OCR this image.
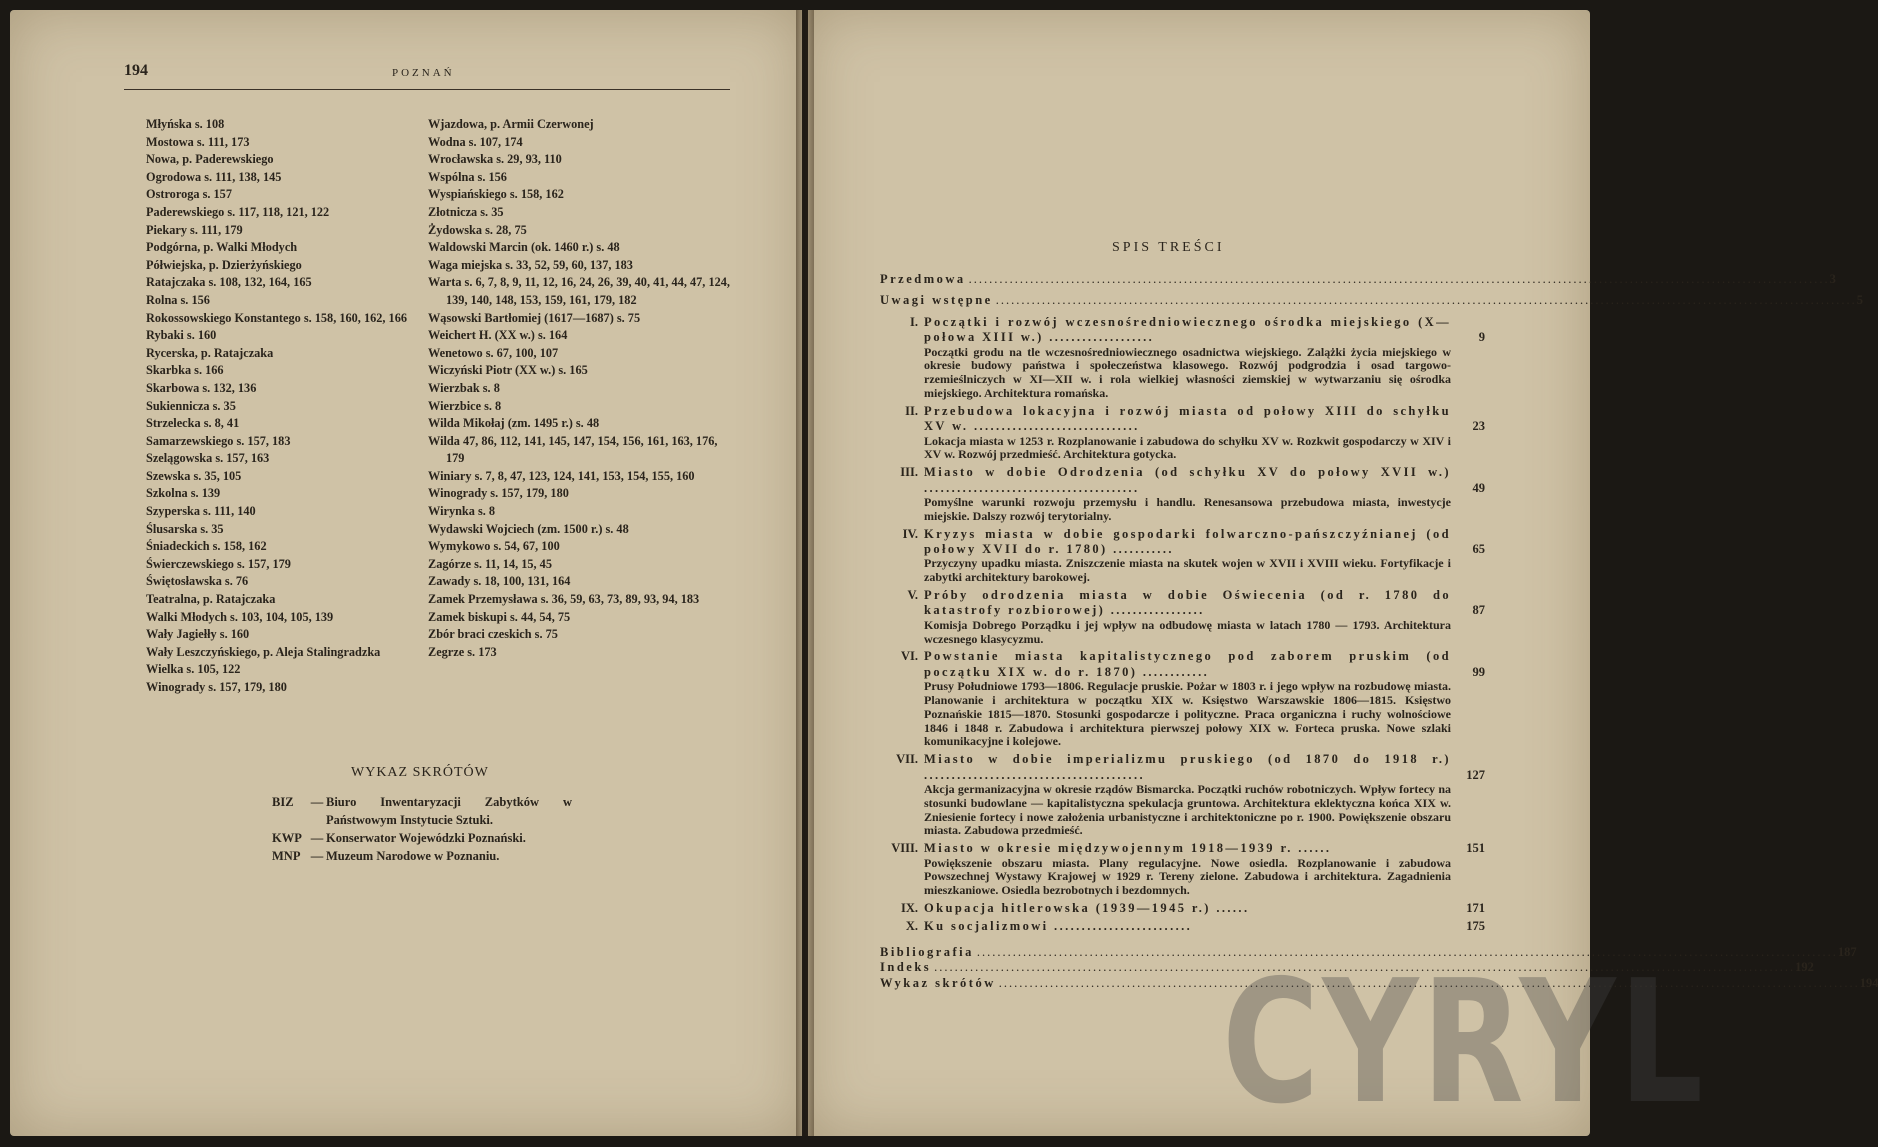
194	POZNAŃ
Młyńska s. 108
Mostowa s. 111, 173
Nowa, p. Paderewskiego
Ogrodowa s. 111, 138, 145
Ostroroga s. 157
Paderewskiego s. 117, 118, 121, 122
Piekary s. 111, 179
Podgórna, p. Walki Młodych
Półwiejska, p. Dzierżyńskiego
Ratajczaka s. 108, 132, 164, 165
Rolna s. 156
Rokossowskiego Konstantego s. 158, 160, 162, 166
Rybaki s. 160
Rycerska, p. Ratajczaka
Skarbka s. 166
Skarbowa s. 132, 136
Sukiennicza s. 35
Strzelecka s. 8, 41
Samarzewskiego s. 157, 183
Szelągowska s. 157, 163
Szewska s. 35, 105
Szkolna s. 139
Szyperska s. 111, 140
Ślusarska s. 35
Śniadeckich s. 158, 162
Świerczewskiego s. 157, 179
Świętosławska s. 76
Teatralna, p. Ratajczaka
Walki Młodych s. 103, 104, 105, 139
Wały Jagiełły s. 160
Wały Leszczyńskiego, p. Aleja Stalingradzka
Wielka s. 105, 122
Winogrady s. 157, 179, 180
Wjazdowa, p. Armii Czerwonej
Wodna s. 107, 174
Wrocławska s. 29, 93, 110
Wspólna s. 156
Wyspiańskiego s. 158, 162
Złotnicza s. 35
Żydowska s. 28, 75
Waldowski Marcin (ok. 1460 r.) s. 48
Waga miejska s. 33, 52, 59, 60, 137, 183
Warta s. 6, 7, 8, 9, 11, 12, 16, 24, 26, 39, 40, 41, 44, 47, 124, 139, 140, 148, 153, 159, 161, 179, 182
Wąsowski Bartłomiej (1617—1687) s. 75
Weichert H. (XX w.) s. 164
Wenetowo s. 67, 100, 107
Wiczyński Piotr (XX w.) s. 165
Wierzbak s. 8
Wierzbice s. 8
Wilda Mikołaj (zm. 1495 r.) s. 48
Wilda 47, 86, 112, 141, 145, 147, 154, 156, 161, 163, 176, 179
Winiary s. 7, 8, 47, 123, 124, 141, 153, 154, 155, 160
Winogrady s. 157, 179, 180
Wirynka s. 8
Wydawski Wojciech (zm. 1500 r.) s. 48
Wymykowo s. 54, 67, 100
Zagórze s. 11, 14, 15, 45
Zawady s. 18, 100, 131, 164
Zamek Przemysława s. 36, 59, 63, 73, 89, 93, 94, 183
Zamek biskupi s. 44, 54, 75
Zbór braci czeskich s. 75
Zegrze s. 173
WYKAZ SKRÓTÓW
BIZ	— Biuro Inwentaryzacji Zabytków w Państwowym Instytucie Sztuki.
KWP — Konserwator Wojewódzki Poznański.
MNP — Muzeum Narodowe w Poznaniu.
SPIS TREŚCI
Przedmowa .....	3
Uwagi wstępne .....	5
I. Początki i rozwój wczesnośredniowiecznego ośrodka miejskiego (X—połowa XIII w.) ...................	9
Początki grodu na tle wczesnośredniowiecznego osadnictwa wiejskiego. Zalążki życia miejskiego w okresie budowy państwa i społeczeństwa klasowego. Rozwój podgrodzia i osad targowo-rzemieślniczych w XI—XII w. i rola wielkiej własności ziemskiej w wytwarzaniu się ośrodka miejskiego. Architektura romańska.
II. Przebudowa lokacyjna i rozwój miasta od połowy XIII do schyłku XV w. ..............................	23
Lokacja miasta w 1253 r. Rozplanowanie i zabudowa do schyłku XV w. Rozkwit gospodarczy w XIV i XV w. Rozwój przedmieść. Architektura gotycka.
III. Miasto w dobie Odrodzenia (od schyłku XV do połowy XVII w.) .......................................	49
Pomyślne warunki rozwoju przemysłu i handlu. Renesansowa przebudowa miasta, inwestycje miejskie. Dalszy rozwój terytorialny.
IV. Kryzys miasta w dobie gospodarki folwarczno-pańszczyźnianej (od połowy XVII do r. 1780) ...........	65
Przyczyny upadku miasta. Zniszczenie miasta na skutek wojen w XVII i XVIII wieku. Fortyfikacje i zabytki architektury barokowej.
V. Próby odrodzenia miasta w dobie Oświecenia (od r. 1780 do katastrofy rozbiorowej) .................	87
Komisja Dobrego Porządku i jej wpływ na odbudowę miasta w latach 1780 — 1793. Architektura wczesnego klasycyzmu.
VI. Powstanie miasta kapitalistycznego pod zaborem pruskim (od początku XIX w. do r. 1870) ............	99
Prusy Południowe 1793—1806. Regulacje pruskie. Pożar w 1803 r. i jego wpływ na rozbudowę miasta. Planowanie i architektura w początku XIX w. Księstwo Warszawskie 1806—1815. Księstwo Poznańskie 1815—1870. Stosunki gospodarcze i polityczne. Praca organiczna i ruchy wolnościowe 1846 i 1848 r. Zabudowa i architektura pierwszej połowy XIX w. Forteca pruska. Nowe szlaki komunikacyjne i kolejowe.
VII. Miasto w dobie imperializmu pruskiego (od 1870 do 1918 r.) ........................................	127
Akcja germanizacyjna w okresie rządów Bismarcka. Początki ruchów robotniczych. Wpływ fortecy na stosunki budowlane — kapitalistyczna spekulacja gruntowa. Architektura eklektyczna końca XIX w. Zniesienie fortecy i nowe założenia urbanistyczne i architektoniczne po r. 1900. Powiększenie obszaru miasta. Zabudowa przedmieść.
VIII. Miasto w okresie międzywojennym 1918—1939 r. ......	151
Powiększenie obszaru miasta. Plany regulacyjne. Nowe osiedla. Rozplanowanie i zabudowa Powszechnej Wystawy Krajowej w 1929 r. Tereny zielone. Zabudowa i architektura. Zagadnienia mieszkaniowe. Osiedla bezrobotnych i bezdomnych.
IX. Okupacja hitlerowska (1939—1945 r.) ......	171
X. Ku socjalizmowi .........................	175
Bibliografia .....	187
Indeks .....	192
Wykaz skrótów .....	194
CYRYL
